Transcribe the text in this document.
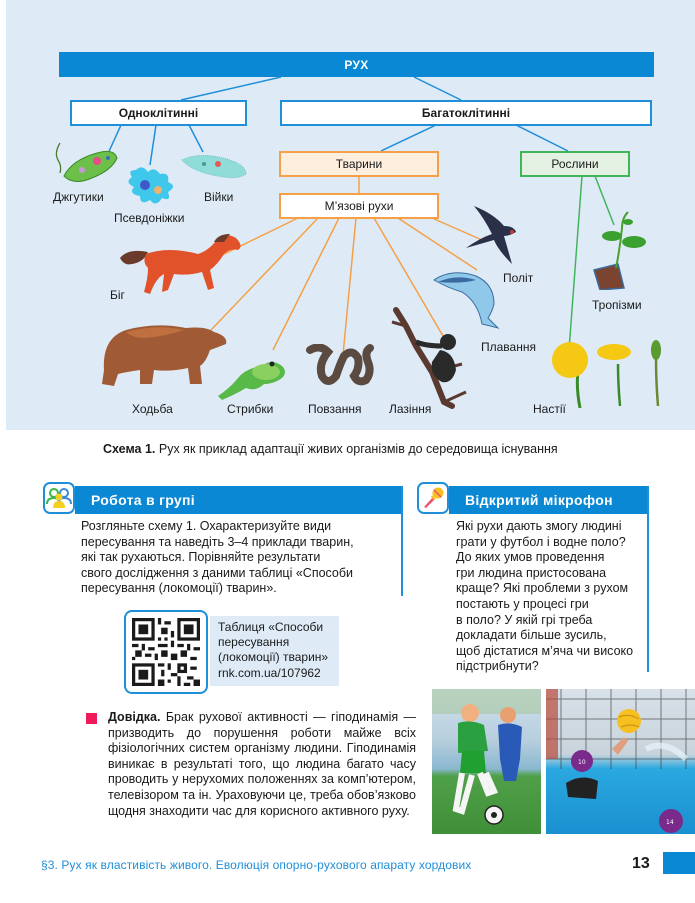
РУХ
Одноклітинні	Багатоклітинні
Тварини
М’язові рухи
Рослини
Джгутики
Псевдоніжки
Війки
Біг
Ходьба	Стрибки	Повзання Лазіння
Плавання
Політ
Тропізми
Настії
Схема 1. Рух як приклад адаптації живих організмів до середовища існування
Робота в групі
Розгляньте схему 1. Охарактеризуйте види
пересування та наведіть 3–4 приклади тварин,
які так рухаються. Порівняйте результати
свого дослідження з даними таблиці «Способи
пересування (локомоції) тварин».
Таблиця «Способи
пересування
(локомоції) тварин»
rnk.com.ua/107962
Відкритий мікрофон
Які рухи дають змогу людині
грати у футбол і водне поло?
До яких умов проведення
гри людина пристосована
краще? Які проблеми з рухом
постають у процесі гри
в поло? У якій грі треба
докладати більше зусиль,
щоб дістатися м’яча чи високо
підстрибнути?
Довідка. Брак рухової активності — гіподинамія — призводить до порушення роботи майже всіх фізіологічних систем організму людини. Гіподинамія виникає в результаті того, що людина багато часу проводить у нерухомих положеннях за комп’ютером, телевізором та ін. Ураховуючи це, треба обов’язково щодня знаходити час для корисного активного руху.
10
14
§3. Рух як властивість живого. Еволюція опорно-рухового апарату хордових	13
